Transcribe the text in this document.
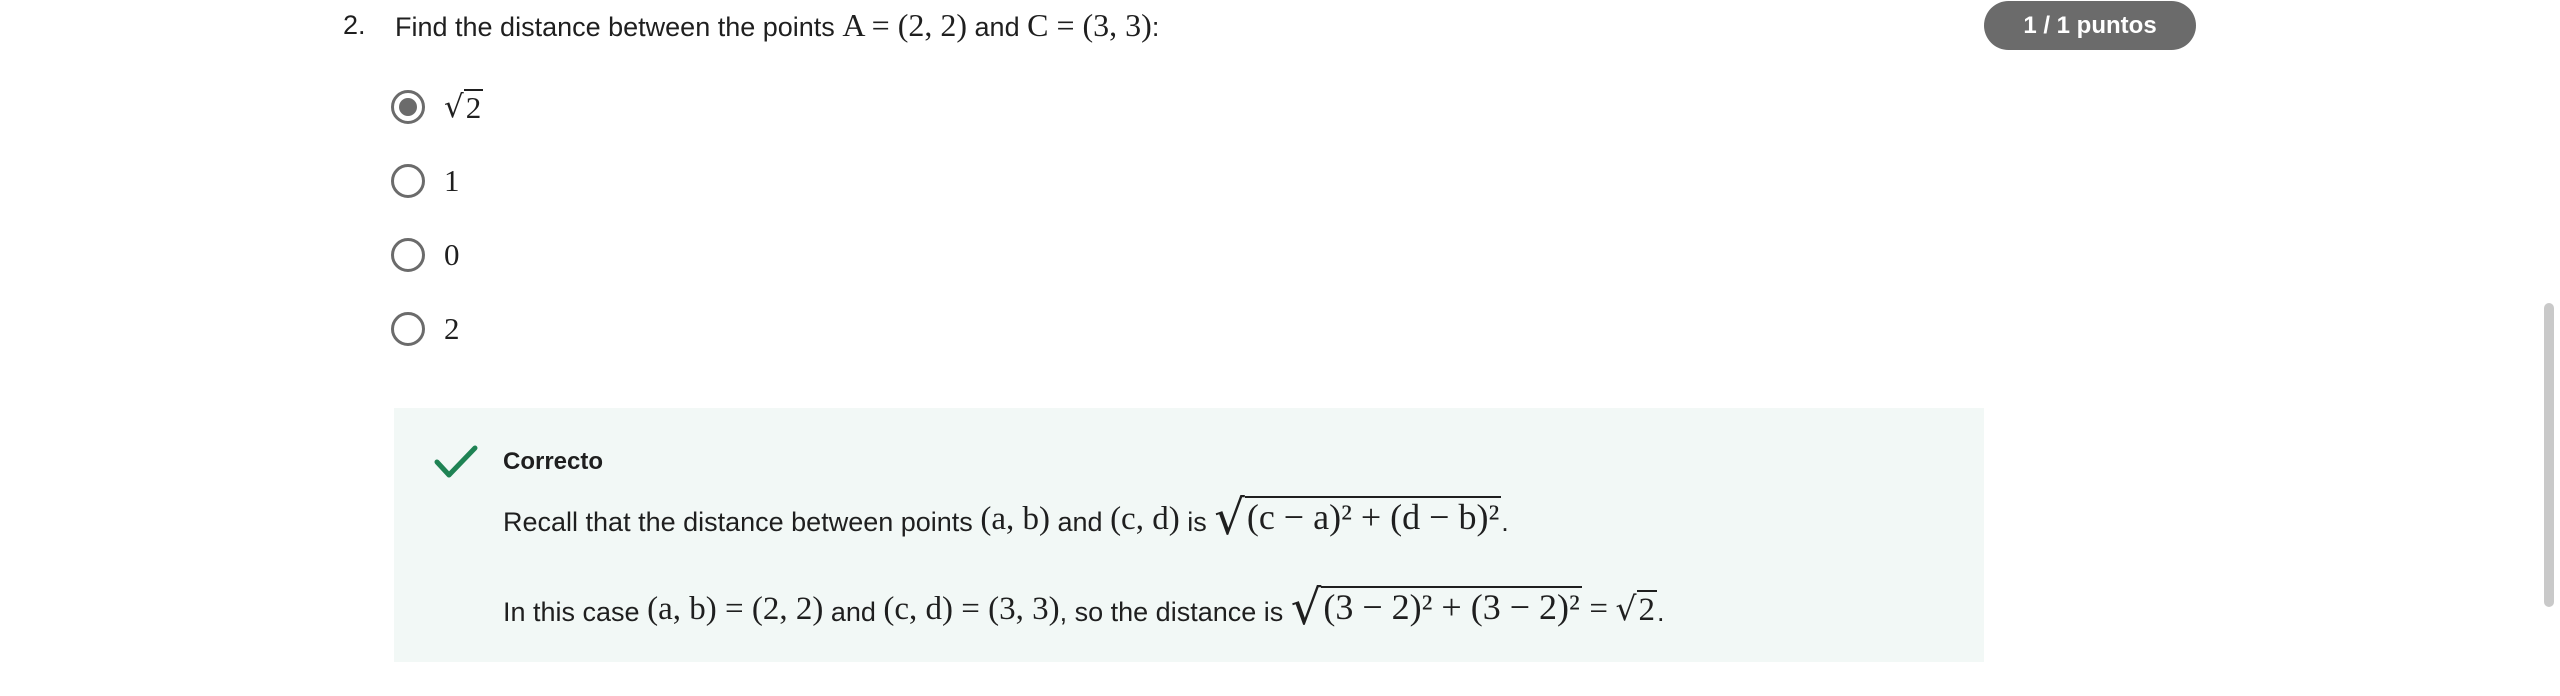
2. Find the distance between the points A = (2, 2) and C = (3, 3):	1 / 1 puntos
√ 2
1
0
2
Correcto
Recall that the distance between points
(a, b)
and
(c, d)
is
√ (c − a)² + (d − b)² .
In this case
(a, b) = (2, 2)
and
(c, d) = (3, 3) , so the distance is
√ (3 − 2)² + (3 − 2)²
=
√ 2 .
